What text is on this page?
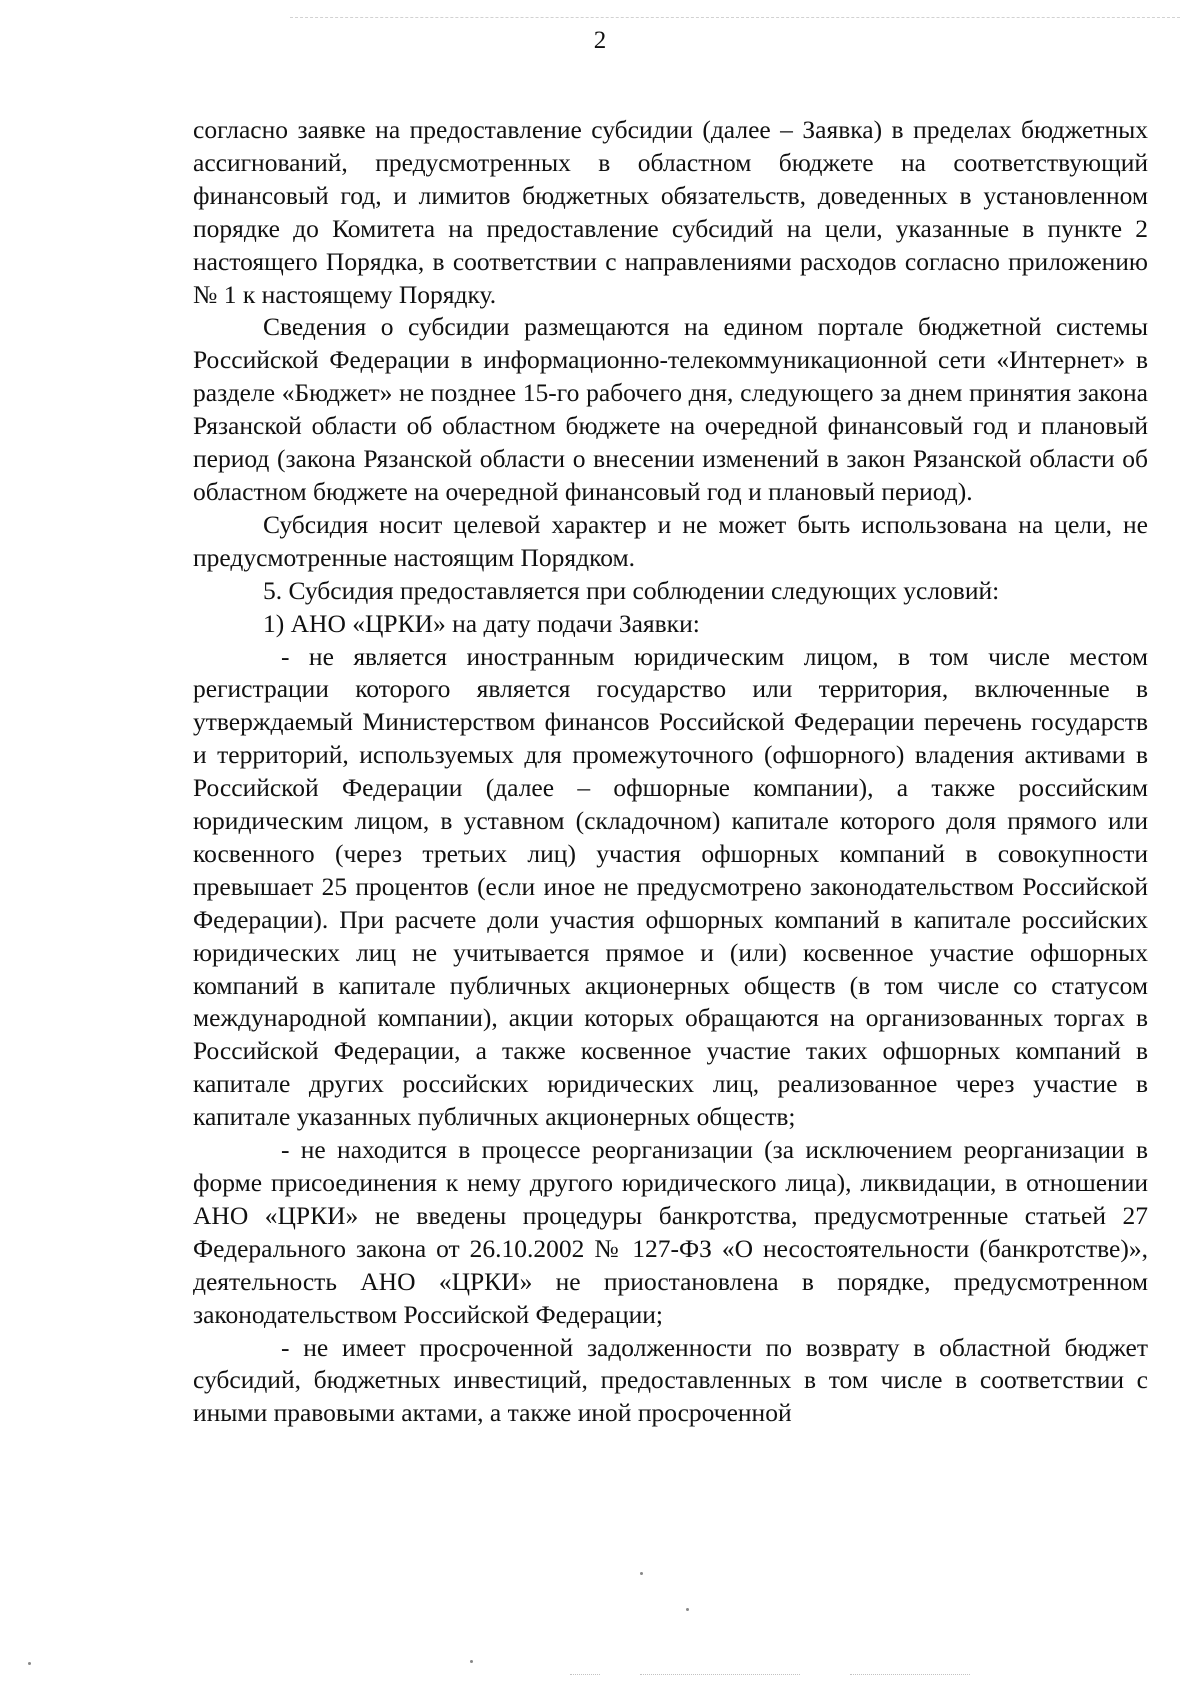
2

согласно заявке на предоставление субсидии (далее – Заявка) в пределах бюджетных ассигнований, предусмотренных в областном бюджете на соответствующий финансовый год, и лимитов бюджетных обязательств, доведенных в установленном порядке до Комитета на предоставление субсидий на цели, указанные в пункте 2 настоящего Порядка, в соответствии с направлениями расходов согласно приложению № 1 к настоящему Порядку.

Сведения о субсидии размещаются на едином портале бюджетной системы Российской Федерации в информационно-телекоммуникационной сети «Интернет» в разделе «Бюджет» не позднее 15-го рабочего дня, следующего за днем принятия закона Рязанской области об областном бюджете на очередной финансовый год и плановый период (закона Рязанской области о внесении изменений в закон Рязанской области об областном бюджете на очередной финансовый год и плановый период).

Субсидия носит целевой характер и не может быть использована на цели, не предусмотренные настоящим Порядком.

5. Субсидия предоставляется при соблюдении следующих условий:

1) АНО «ЦРКИ» на дату подачи Заявки:

- не является иностранным юридическим лицом, в том числе местом регистрации которого является государство или территория, включенные в утверждаемый Министерством финансов Российской Федерации перечень государств и территорий, используемых для промежуточного (офшорного) владения активами в Российской Федерации (далее – офшорные компании), а также российским юридическим лицом, в уставном (складочном) капитале которого доля прямого или косвенного (через третьих лиц) участия офшорных компаний в совокупности превышает 25 процентов (если иное не предусмотрено законодательством Российской Федерации). При расчете доли участия офшорных компаний в капитале российских юридических лиц не учитывается прямое и (или) косвенное участие офшорных компаний в капитале публичных акционерных обществ (в том числе со статусом международной компании), акции которых обращаются на организованных торгах в Российской Федерации, а также косвенное участие таких офшорных компаний в капитале других российских юридических лиц, реализованное через участие в капитале указанных публичных акционерных обществ;

- не находится в процессе реорганизации (за исключением реорганизации в форме присоединения к нему другого юридического лица), ликвидации, в отношении АНО «ЦРКИ» не введены процедуры банкротства, предусмотренные статьей 27 Федерального закона от 26.10.2002 № 127-ФЗ «О несостоятельности (банкротстве)», деятельность АНО «ЦРКИ» не приостановлена в порядке, предусмотренном законодательством Российской Федерации;

- не имеет просроченной задолженности по возврату в областной бюджет субсидий, бюджетных инвестиций, предоставленных в том числе в соответствии с иными правовыми актами, а также иной просроченной
